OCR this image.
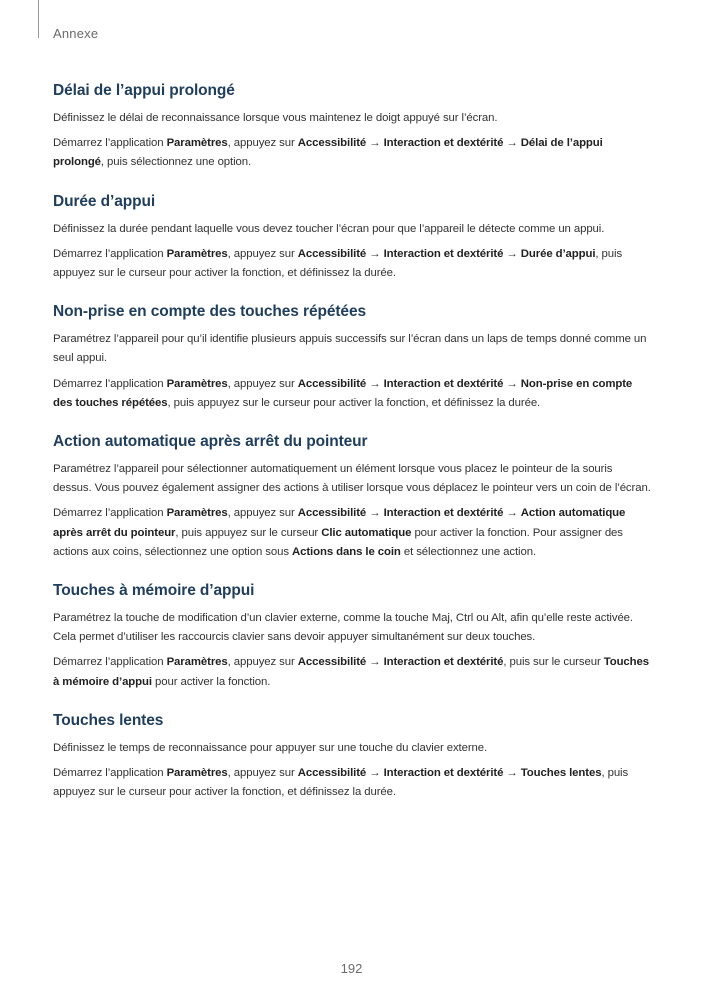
Annexe
Délai de l’appui prolongé

Définissez le délai de reconnaissance lorsque vous maintenez le doigt appuyé sur l’écran.

Démarrez l’application Paramètres, appuyez sur Accessibilité → Interaction et dextérité → Délai de l’appui prolongé, puis sélectionnez une option.

Durée d’appui

Définissez la durée pendant laquelle vous devez toucher l’écran pour que l’appareil le détecte comme un appui.

Démarrez l’application Paramètres, appuyez sur Accessibilité → Interaction et dextérité → Durée d’appui, puis appuyez sur le curseur pour activer la fonction, et définissez la durée.

Non-prise en compte des touches répétées

Paramétrez l’appareil pour qu’il identifie plusieurs appuis successifs sur l’écran dans un laps de temps donné comme un seul appui.

Démarrez l’application Paramètres, appuyez sur Accessibilité → Interaction et dextérité → Non-prise en compte des touches répétées, puis appuyez sur le curseur pour activer la fonction, et définissez la durée.

Action automatique après arrêt du pointeur

Paramétrez l’appareil pour sélectionner automatiquement un élément lorsque vous placez le pointeur de la souris dessus. Vous pouvez également assigner des actions à utiliser lorsque vous déplacez le pointeur vers un coin de l’écran.

Démarrez l’application Paramètres, appuyez sur Accessibilité → Interaction et dextérité → Action automatique après arrêt du pointeur, puis appuyez sur le curseur Clic automatique pour activer la fonction. Pour assigner des actions aux coins, sélectionnez une option sous Actions dans le coin et sélectionnez une action.

Touches à mémoire d’appui

Paramétrez la touche de modification d’un clavier externe, comme la touche Maj, Ctrl ou Alt, afin qu’elle reste activée. Cela permet d’utiliser les raccourcis clavier sans devoir appuyer simultanément sur deux touches.

Démarrez l’application Paramètres, appuyez sur Accessibilité → Interaction et dextérité, puis sur le curseur Touches à mémoire d’appui pour activer la fonction.

Touches lentes

Définissez le temps de reconnaissance pour appuyer sur une touche du clavier externe.

Démarrez l’application Paramètres, appuyez sur Accessibilité → Interaction et dextérité → Touches lentes, puis appuyez sur le curseur pour activer la fonction, et définissez la durée.

192
